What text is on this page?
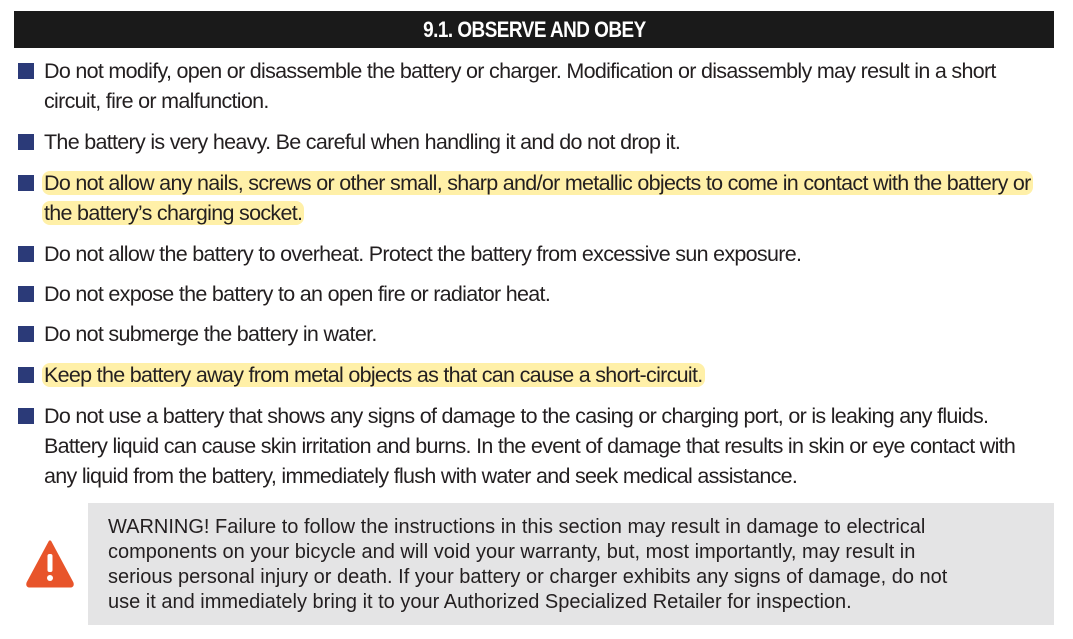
9.1. OBSERVE AND OBEY
Do not modify, open or disassemble the battery or charger. Modification or disassembly may result in a short
circuit, fire or malfunction.
The battery is very heavy. Be careful when handling it and do not drop it.
Do not allow any nails, screws or other small, sharp and/or metallic objects to come in contact with the battery or
the battery’s charging socket.
Do not allow the battery to overheat. Protect the battery from excessive sun exposure.
Do not expose the battery to an open fire or radiator heat.
Do not submerge the battery in water.
Keep the battery away from metal objects as that can cause a short-circuit.
Do not use a battery that shows any signs of damage to the casing or charging port, or is leaking any fluids.
Battery liquid can cause skin irritation and burns. In the event of damage that results in skin or eye contact with
any liquid from the battery, immediately flush with water and seek medical assistance.
WARNING! Failure to follow the instructions in this section may result in damage to electrical
components on your bicycle and will void your warranty, but, most importantly, may result in
serious personal injury or death. If your battery or charger exhibits any signs of damage, do not
use it and immediately bring it to your Authorized Specialized Retailer for inspection.
